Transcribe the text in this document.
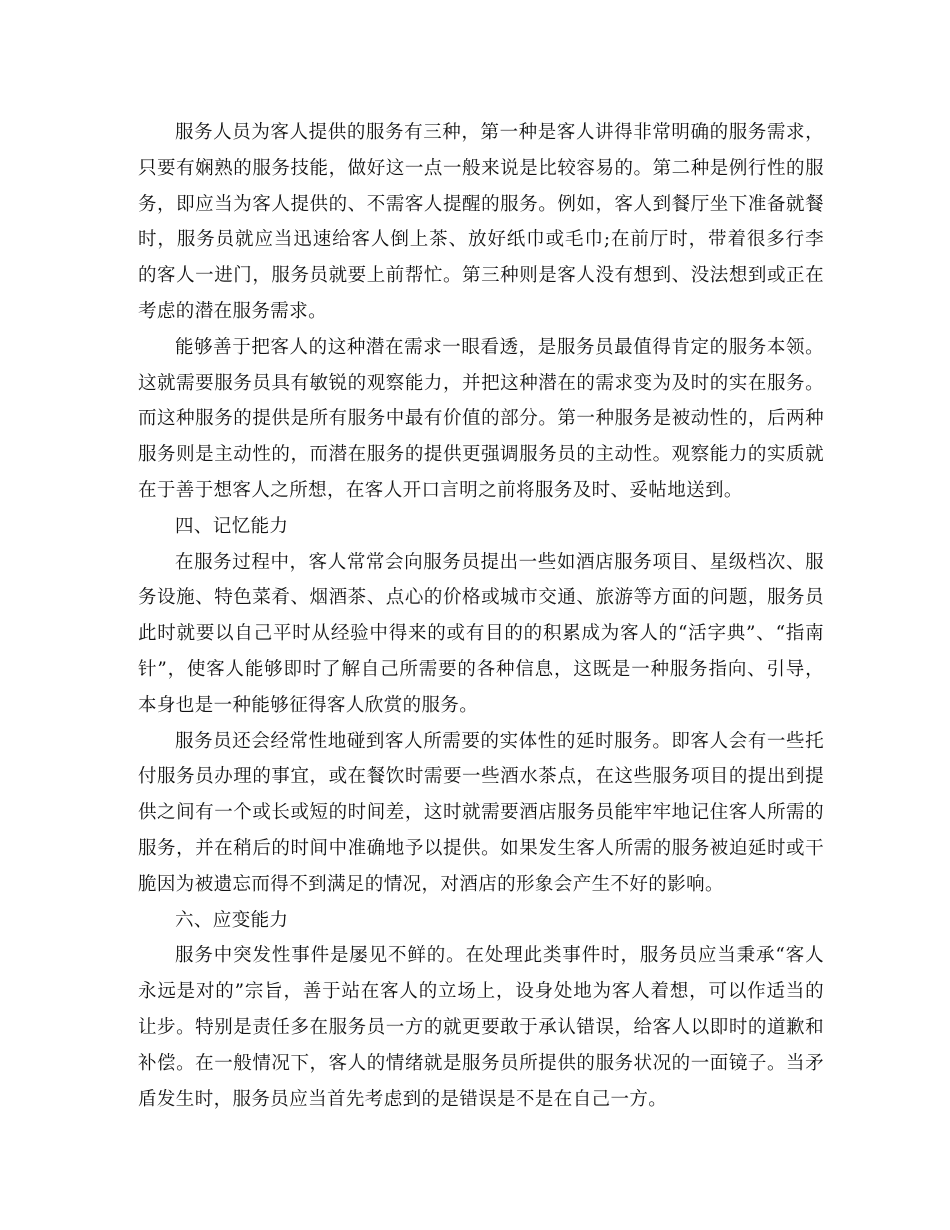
服务人员为客人提供的服务有三种，第一种是客人讲得非常明确的服务需求，只要有娴熟的服务技能，做好这一点一般来说是比较容易的。第二种是例行性的服务，即应当为客人提供的、不需客人提醒的服务。例如，客人到餐厅坐下准备就餐时，服务员就应当迅速给客人倒上茶、放好纸巾或毛巾;在前厅时，带着很多行李的客人一进门，服务员就要上前帮忙。第三种则是客人没有想到、没法想到或正在考虑的潜在服务需求。

能够善于把客人的这种潜在需求一眼看透，是服务员最值得肯定的服务本领。这就需要服务员具有敏锐的观察能力，并把这种潜在的需求变为及时的实在服务。而这种服务的提供是所有服务中最有价值的部分。第一种服务是被动性的，后两种服务则是主动性的，而潜在服务的提供更强调服务员的主动性。观察能力的实质就在于善于想客人之所想，在客人开口言明之前将服务及时、妥帖地送到。

四、记忆能力

在服务过程中，客人常常会向服务员提出一些如酒店服务项目、星级档次、服务设施、特色菜肴、烟酒茶、点心的价格或城市交通、旅游等方面的问题，服务员此时就要以自己平时从经验中得来的或有目的的积累成为客人的“活字典”、“指南针”，使客人能够即时了解自己所需要的各种信息，这既是一种服务指向、引导，本身也是一种能够征得客人欣赏的服务。

服务员还会经常性地碰到客人所需要的实体性的延时服务。即客人会有一些托付服务员办理的事宜，或在餐饮时需要一些酒水茶点，在这些服务项目的提出到提供之间有一个或长或短的时间差，这时就需要酒店服务员能牢牢地记住客人所需的服务，并在稍后的时间中准确地予以提供。如果发生客人所需的服务被迫延时或干脆因为被遗忘而得不到满足的情况，对酒店的形象会产生不好的影响。

六、应变能力

服务中突发性事件是屡见不鲜的。在处理此类事件时，服务员应当秉承“客人永远是对的”宗旨，善于站在客人的立场上，设身处地为客人着想，可以作适当的让步。特别是责任多在服务员一方的就更要敢于承认错误，给客人以即时的道歉和补偿。在一般情况下，客人的情绪就是服务员所提供的服务状况的一面镜子。当矛盾发生时，服务员应当首先考虑到的是错误是不是在自己一方。
